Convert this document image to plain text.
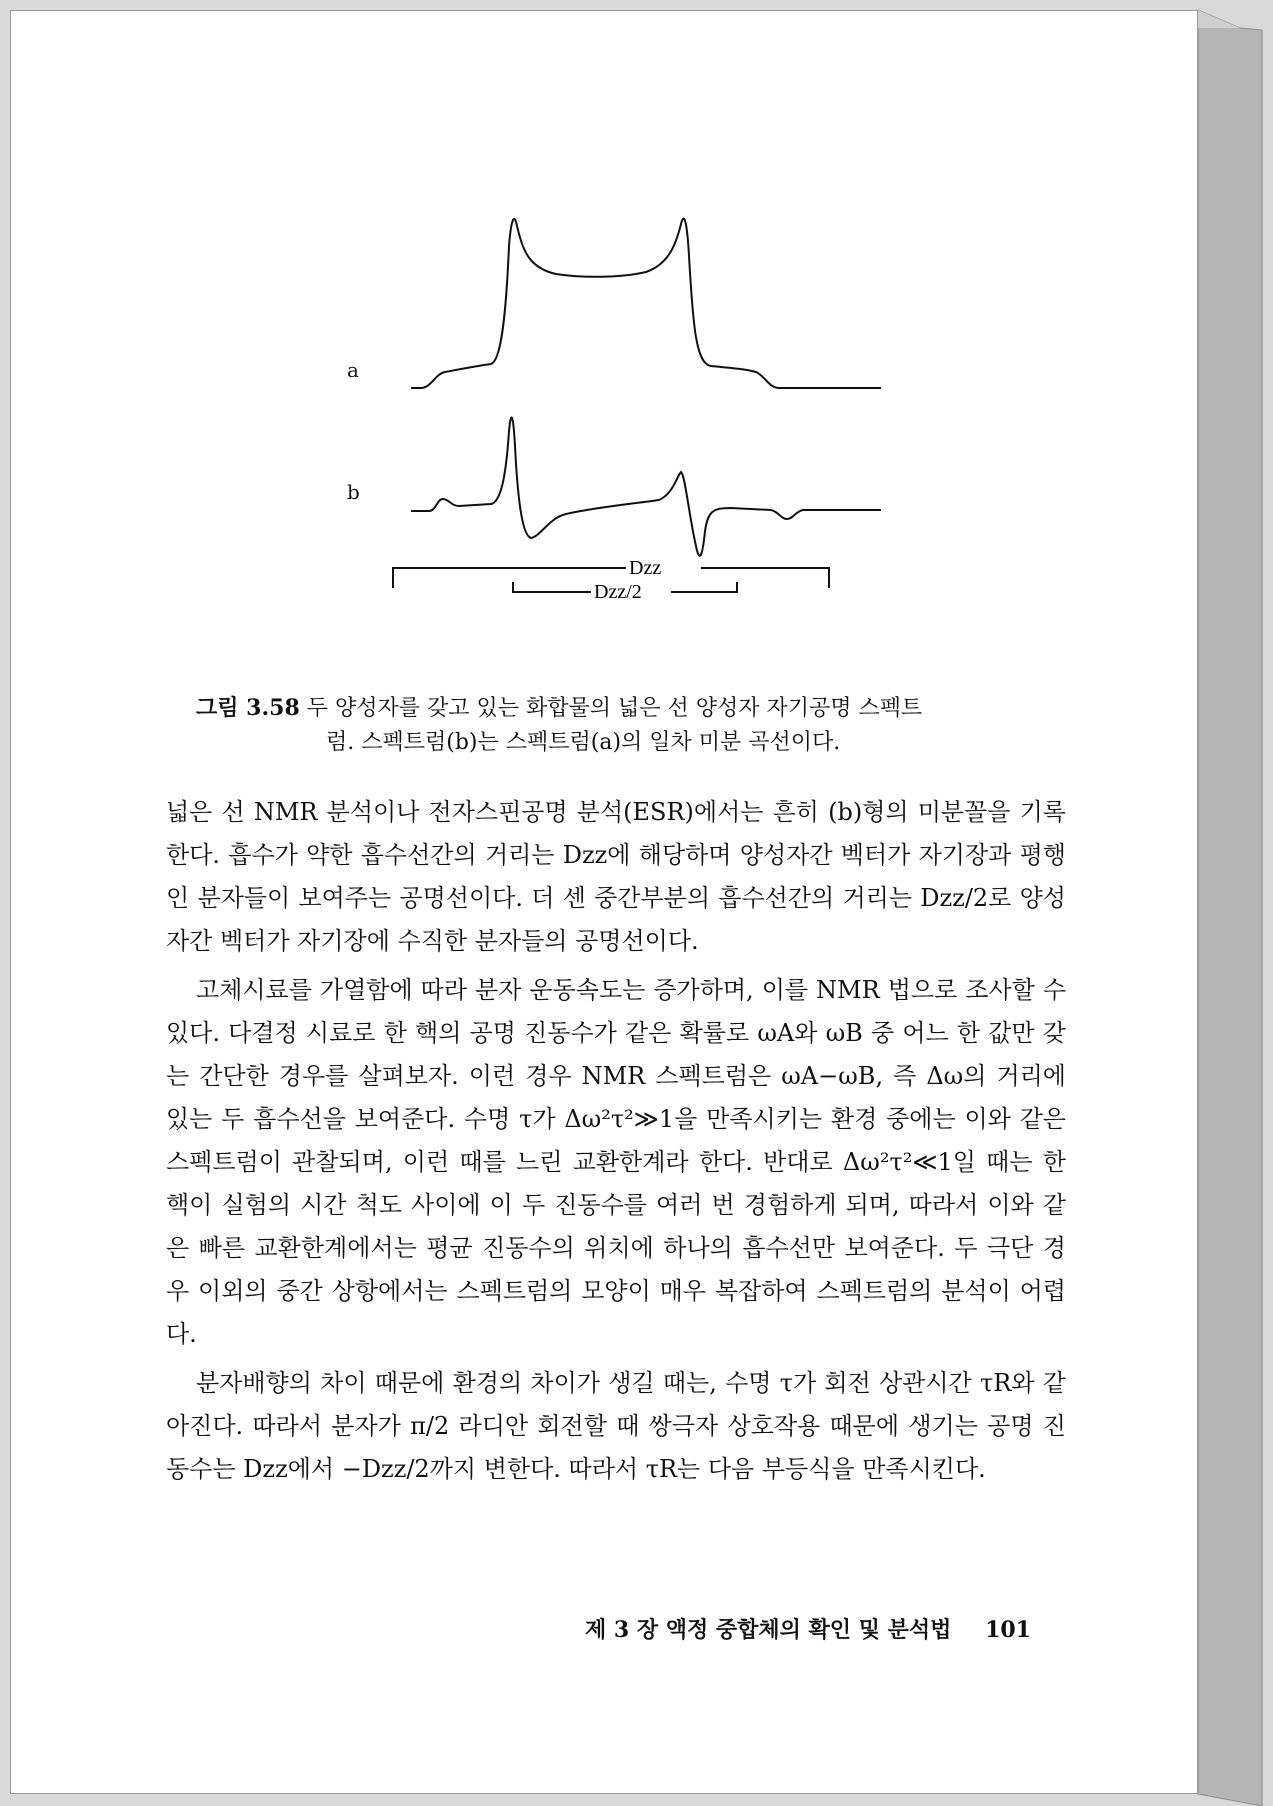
Dzz
Dzz/2
a
b
그림 3.58 두 양성자를 갖고 있는 화합물의 넓은 선 양성자 자기공명 스펙트
럼. 스펙트럼(b)는 스펙트럼(a)의 일차 미분 곡선이다.

넓은 선 NMR 분석이나 전자스핀공명 분석(ESR)에서는 흔히 (b)형의 미분꼴을 기록한다. 흡수가 약한 흡수선간의 거리는 Dzz에 해당하며 양성자간 벡터가 자기장과 평행인 분자들이 보여주는 공명선이다. 더 센 중간부분의 흡수선간의 거리는 Dzz/2로 양성자간 벡터가 자기장에 수직한 분자들의 공명선이다.

고체시료를 가열함에 따라 분자 운동속도는 증가하며, 이를 NMR 법으로 조사할 수 있다. 다결정 시료로 한 핵의 공명 진동수가 같은 확률로 ωA와 ωB 중 어느 한 값만 갖는 간단한 경우를 살펴보자. 이런 경우 NMR 스펙트럼은 ωA−ωB, 즉 Δω의 거리에 있는 두 흡수선을 보여준다. 수명 τ가 Δω²τ²≫1을 만족시키는 환경 중에는 이와 같은 스펙트럼이 관찰되며, 이런 때를 느린 교환한계라 한다. 반대로 Δω²τ²≪1일 때는 한 핵이 실험의 시간 척도 사이에 이 두 진동수를 여러 번 경험하게 되며, 따라서 이와 같은 빠른 교환한계에서는 평균 진동수의 위치에 하나의 흡수선만 보여준다. 두 극단 경우 이외의 중간 상항에서는 스펙트럼의 모양이 매우 복잡하여 스펙트럼의 분석이 어렵다.

분자배향의 차이 때문에 환경의 차이가 생길 때는, 수명 τ가 회전 상관시간 τR와 같아진다. 따라서 분자가 π/2 라디안 회전할 때 쌍극자 상호작용 때문에 생기는 공명 진동수는 Dzz에서 −Dzz/2까지 변한다. 따라서 τR는 다음 부등식을 만족시킨다.

제 3 장 액정 중합체의 확인 및 분석법 101
